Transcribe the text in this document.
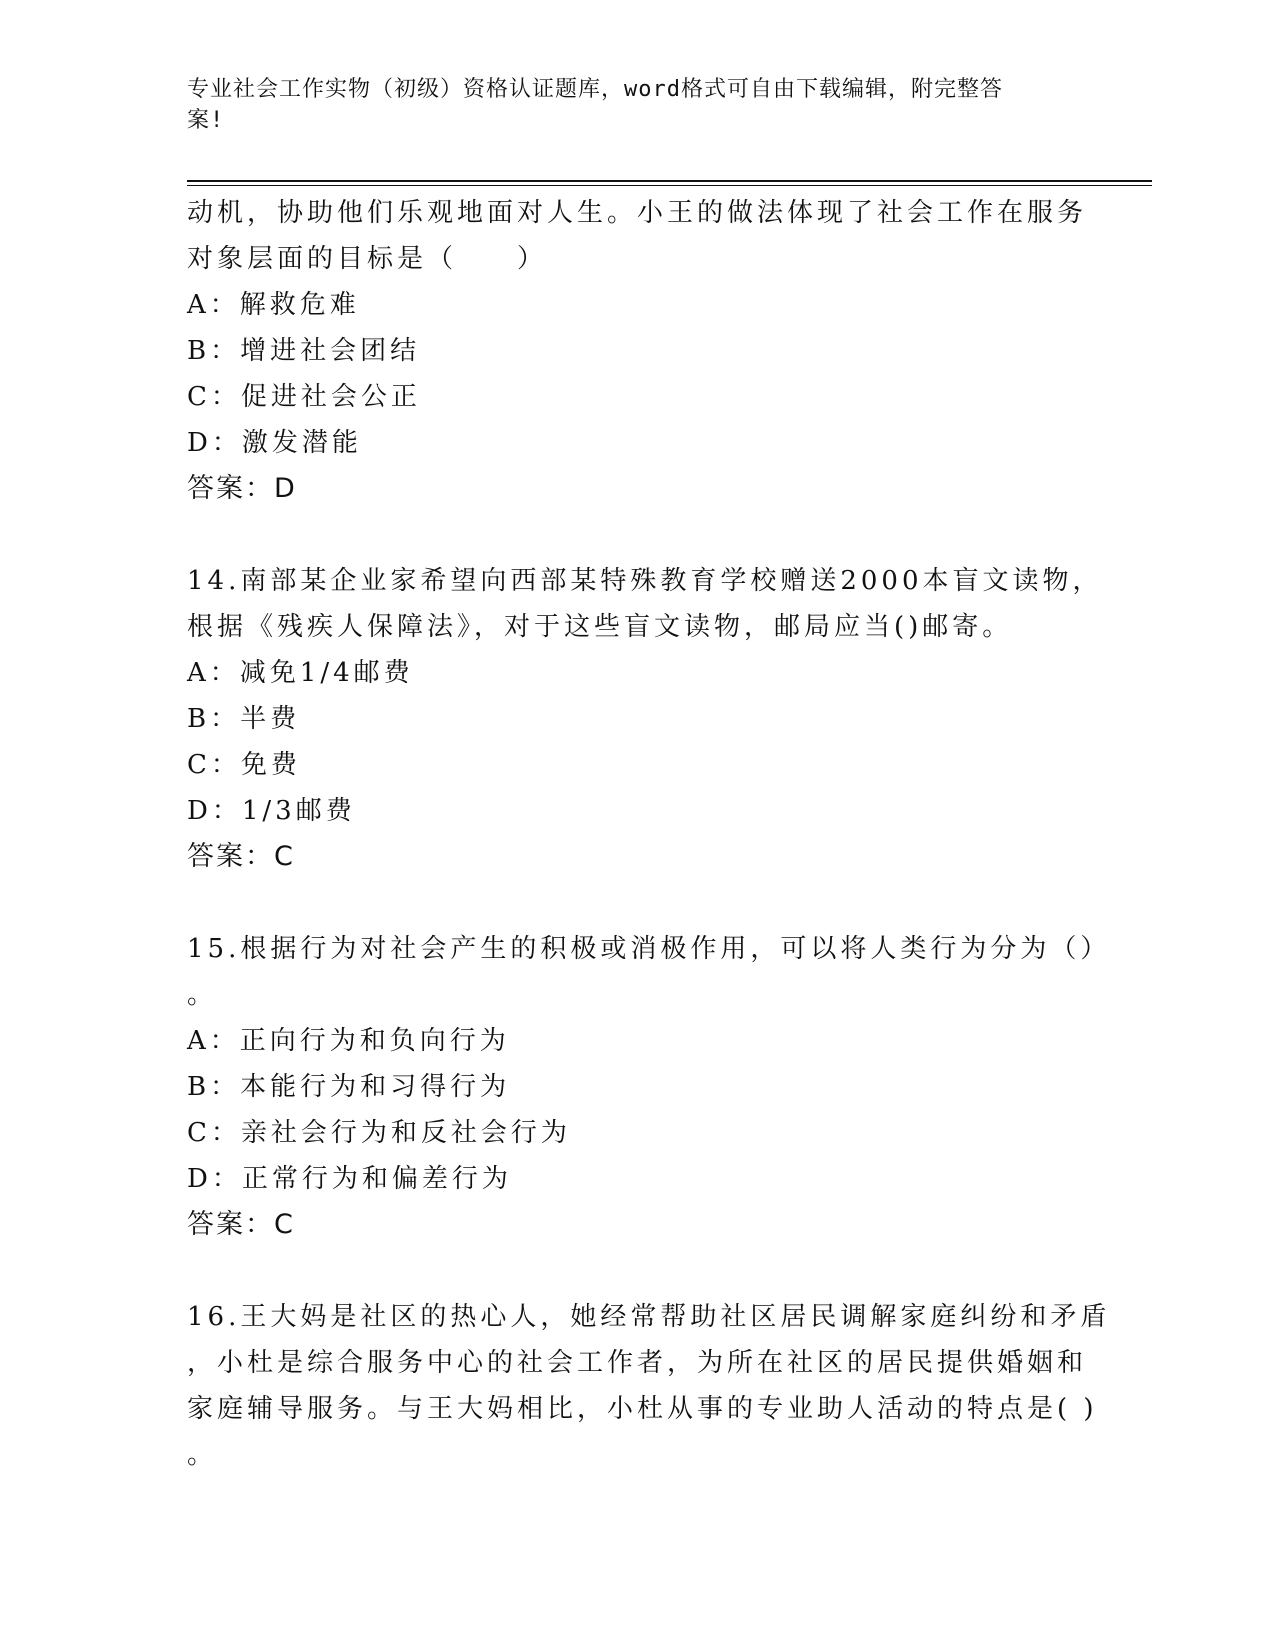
专业社会工作实物（初级）资格认证题库，word格式可自由下载编辑，附完整答
案!
动机，协助他们乐观地面对人生。小王的做法体现了社会工作在服务
对象层面的目标是（　　）
A：解救危难
B：增进社会团结
C：促进社会公正
D：激发潜能
答案：D
14.南部某企业家希望向西部某特殊教育学校赠送2000本盲文读物，
根据《残疾人保障法》，对于这些盲文读物，邮局应当()邮寄。
A：减免1/4邮费
B：半费
C：免费
D：1/3邮费
答案：C
15.根据行为对社会产生的积极或消极作用，可以将人类行为分为（）
。
A：正向行为和负向行为
B：本能行为和习得行为
C：亲社会行为和反社会行为
D：正常行为和偏差行为
答案：C
16.王大妈是社区的热心人，她经常帮助社区居民调解家庭纠纷和矛盾
，小杜是综合服务中心的社会工作者，为所在社区的居民提供婚姻和
家庭辅导服务。与王大妈相比，小杜从事的专业助人活动的特点是( )
。
